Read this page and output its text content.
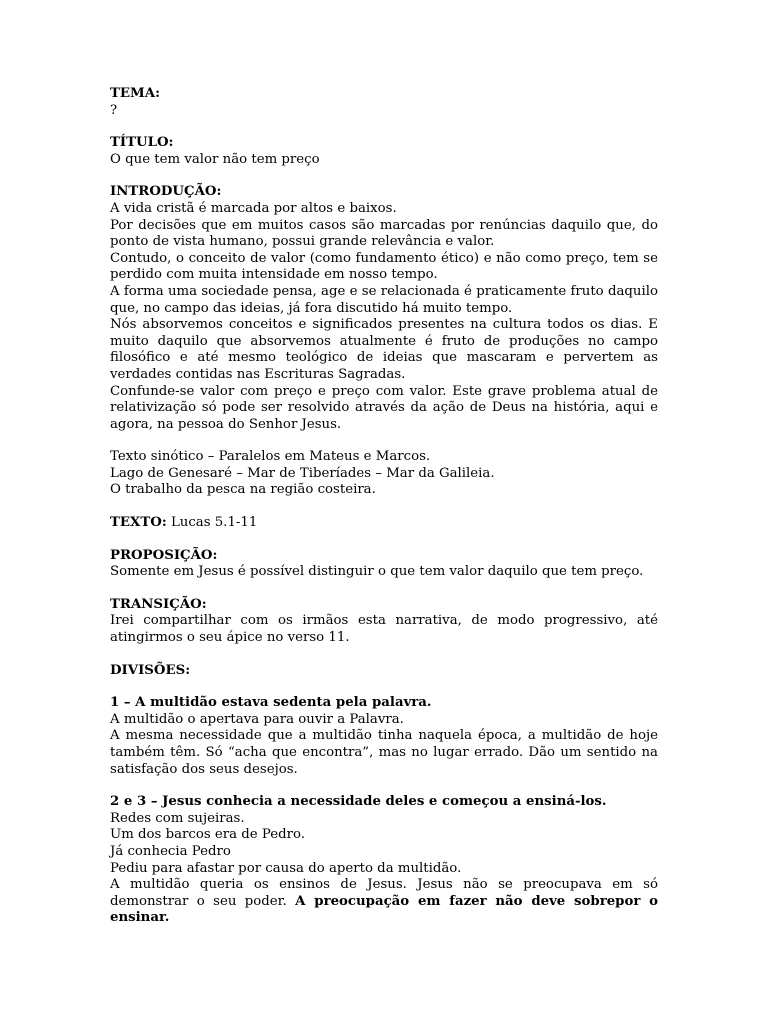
TEMA:

?

TÍTULO:

O que tem valor não tem preço

INTRODUÇÃO:

A vida cristã é marcada por altos e baixos.

Por decisões que em muitos casos são marcadas por renúncias daquilo que, do ponto de vista humano, possui grande relevância e valor.

Contudo, o conceito de valor (como fundamento ético) e não como preço, tem se perdido com muita intensidade em nosso tempo.

A forma uma sociedade pensa, age e se relacionada é praticamente fruto daquilo que, no campo das ideias, já fora discutido há muito tempo.

Nós absorvemos conceitos e significados presentes na cultura todos os dias. E muito daquilo que absorvemos atualmente é fruto de produções no campo filosófico e até mesmo teológico de ideias que mascaram e pervertem as verdades contidas nas Escrituras Sagradas.

Confunde-se valor com preço e preço com valor. Este grave problema atual de relativização só pode ser resolvido através da ação de Deus na história, aqui e agora, na pessoa do Senhor Jesus.

Texto sinótico – Paralelos em Mateus e Marcos.

Lago de Genesaré – Mar de Tiberíades – Mar da Galileia.

O trabalho da pesca na região costeira.

TEXTO: Lucas 5.1-11

PROPOSIÇÃO:

Somente em Jesus é possível distinguir o que tem valor daquilo que tem preço.

TRANSIÇÃO:

Irei compartilhar com os irmãos esta narrativa, de modo progressivo, até atingirmos o seu ápice no verso 11.

DIVISÕES:

1 – A multidão estava sedenta pela palavra.

A multidão o apertava para ouvir a Palavra.

A mesma necessidade que a multidão tinha naquela época, a multidão de hoje também têm. Só “acha que encontra”, mas no lugar errado. Dão um sentido na satisfação dos seus desejos.

2 e 3 – Jesus conhecia a necessidade deles e começou a ensiná-los.

Redes com sujeiras.

Um dos barcos era de Pedro.

Já conhecia Pedro

Pediu para afastar por causa do aperto da multidão.

A multidão queria os ensinos de Jesus. Jesus não se preocupava em só demonstrar o seu poder. A preocupação em fazer não deve sobrepor o ensinar.
